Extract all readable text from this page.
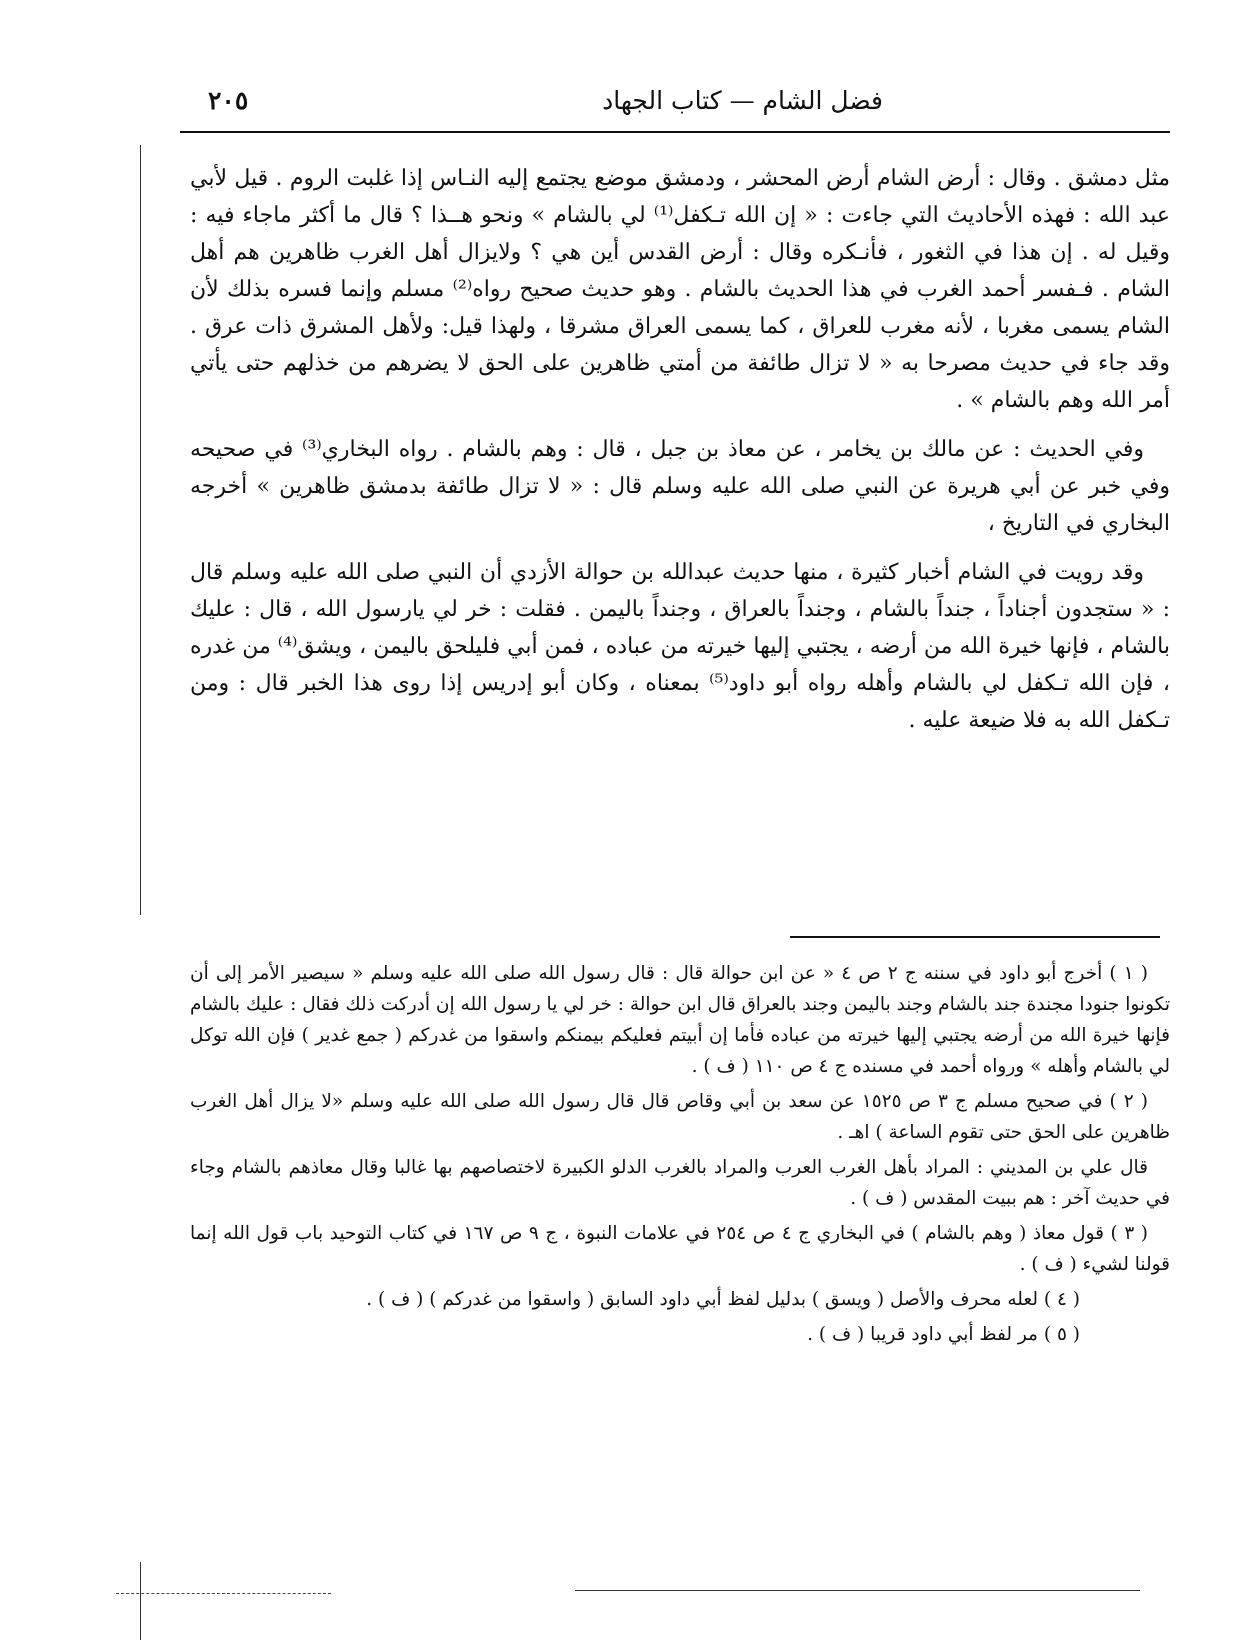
فضل الشام — كتاب الجهاد
٢٠٥

مثل دمشق . وقال : أرض الشام أرض المحشر ، ودمشق موضع يجتمع إليه النـاس إذا غلبت الروم . قيل لأبي عبد الله : فهذه الأحاديث التي جاءت : « إن الله تـكفل⁽¹⁾ لي بالشام » ونحو هــذا ؟ قال ما أكثر ماجاء فيه : وقيل له . إن هذا في الثغور ، فأنـكره وقال : أرض القدس أين هي ؟ ولايزال أهل الغرب ظاهرين هم أهل الشام . فـفسر أحمد الغرب في هذا الحديث بالشام . وهو حديث صحيح رواه⁽²⁾ مسلم وإنما فسره بذلك لأن الشام يسمى مغربا ، لأنه مغرب للعراق ، كما يسمى العراق مشرقا ، ولهذا قيل: ولأهل المشرق ذات عرق . وقد جاء في حديث مصرحا به « لا تزال طائفة من أمتي ظاهرين على الحق لا يضرهم من خذلهم حتى يأتي أمر الله وهم بالشام » .

وفي الحديث : عن مالك بن يخامر ، عن معاذ بن جبل ، قال : وهم بالشام . رواه البخاري⁽³⁾ في صحيحه وفي خبر عن أبي هريرة عن النبي صلى الله عليه وسلم قال : « لا تزال طائفة بدمشق ظاهرين » أخرجه البخاري في التاريخ ،

وقد رويت في الشام أخبار كثيرة ، منها حديث عبدالله بن حوالة الأزدي أن النبي صلى الله عليه وسلم قال : « ستجدون أجناداً ، جنداً بالشام ، وجنداً بالعراق ، وجنداً باليمن . فقلت : خر لي يارسول الله ، قال : عليك بالشام ، فإنها خيرة الله من أرضه ، يجتبي إليها خيرته من عباده ، فمن أبي فليلحق باليمن ، ويشق⁽⁴⁾ من غدره ، فإن الله تـكفل لي بالشام وأهله رواه أبو داود⁽⁵⁾ بمعناه ، وكان أبو إدريس إذا روى هذا الخبر قال : ومن تـكفل الله به فلا ضيعة عليه .

( ١ ) أخرج أبو داود في سننه ج ٢ ص ٤ « عن ابن حوالة قال : قال رسول الله صلى الله عليه وسلم « سيصير الأمر إلى أن تكونوا جنودا مجندة جند بالشام وجند باليمن وجند بالعراق قال ابن حوالة : خر لي يا رسول الله إن أدركت ذلك فقال : عليك بالشام فإنها خيرة الله من أرضه يجتبي إليها خيرته من عباده فأما إن أبيتم فعليكم بيمنكم واسقوا من غدركم ( جمع غدير ) فإن الله توكل لي بالشام وأهله » ورواه أحمد في مسنده ج ٤ ص ١١٠ ( ف ) .

( ٢ ) في صحيح مسلم ج ٣ ص ١٥٢٥ عن سعد بن أبي وقاص قال قال رسول الله صلى الله عليه وسلم «لا يزال أهل الغرب ظاهرين على الحق حتى تقوم الساعة ) اهـ .

قال علي بن المديني : المراد بأهل الغرب العرب والمراد بالغرب الدلو الكبيرة لاختصاصهم بها غالبا وقال معاذهم بالشام وجاء في حديث آخر : هم ببيت المقدس ( ف ) .

( ٣ ) قول معاذ ( وهم بالشام ) في البخاري ج ٤ ص ٢٥٤ في علامات النبوة ، ج ٩ ص ١٦٧ في كتاب التوحيد باب قول الله إنما قولنا لشيء ( ف ) .

( ٤ ) لعله محرف والأصل ( ويسق ) بدليل لفظ أبي داود السابق ( واسقوا من غدركم ) ( ف ) .

( ٥ ) مر لفظ أبي داود قريبا ( ف ) .
